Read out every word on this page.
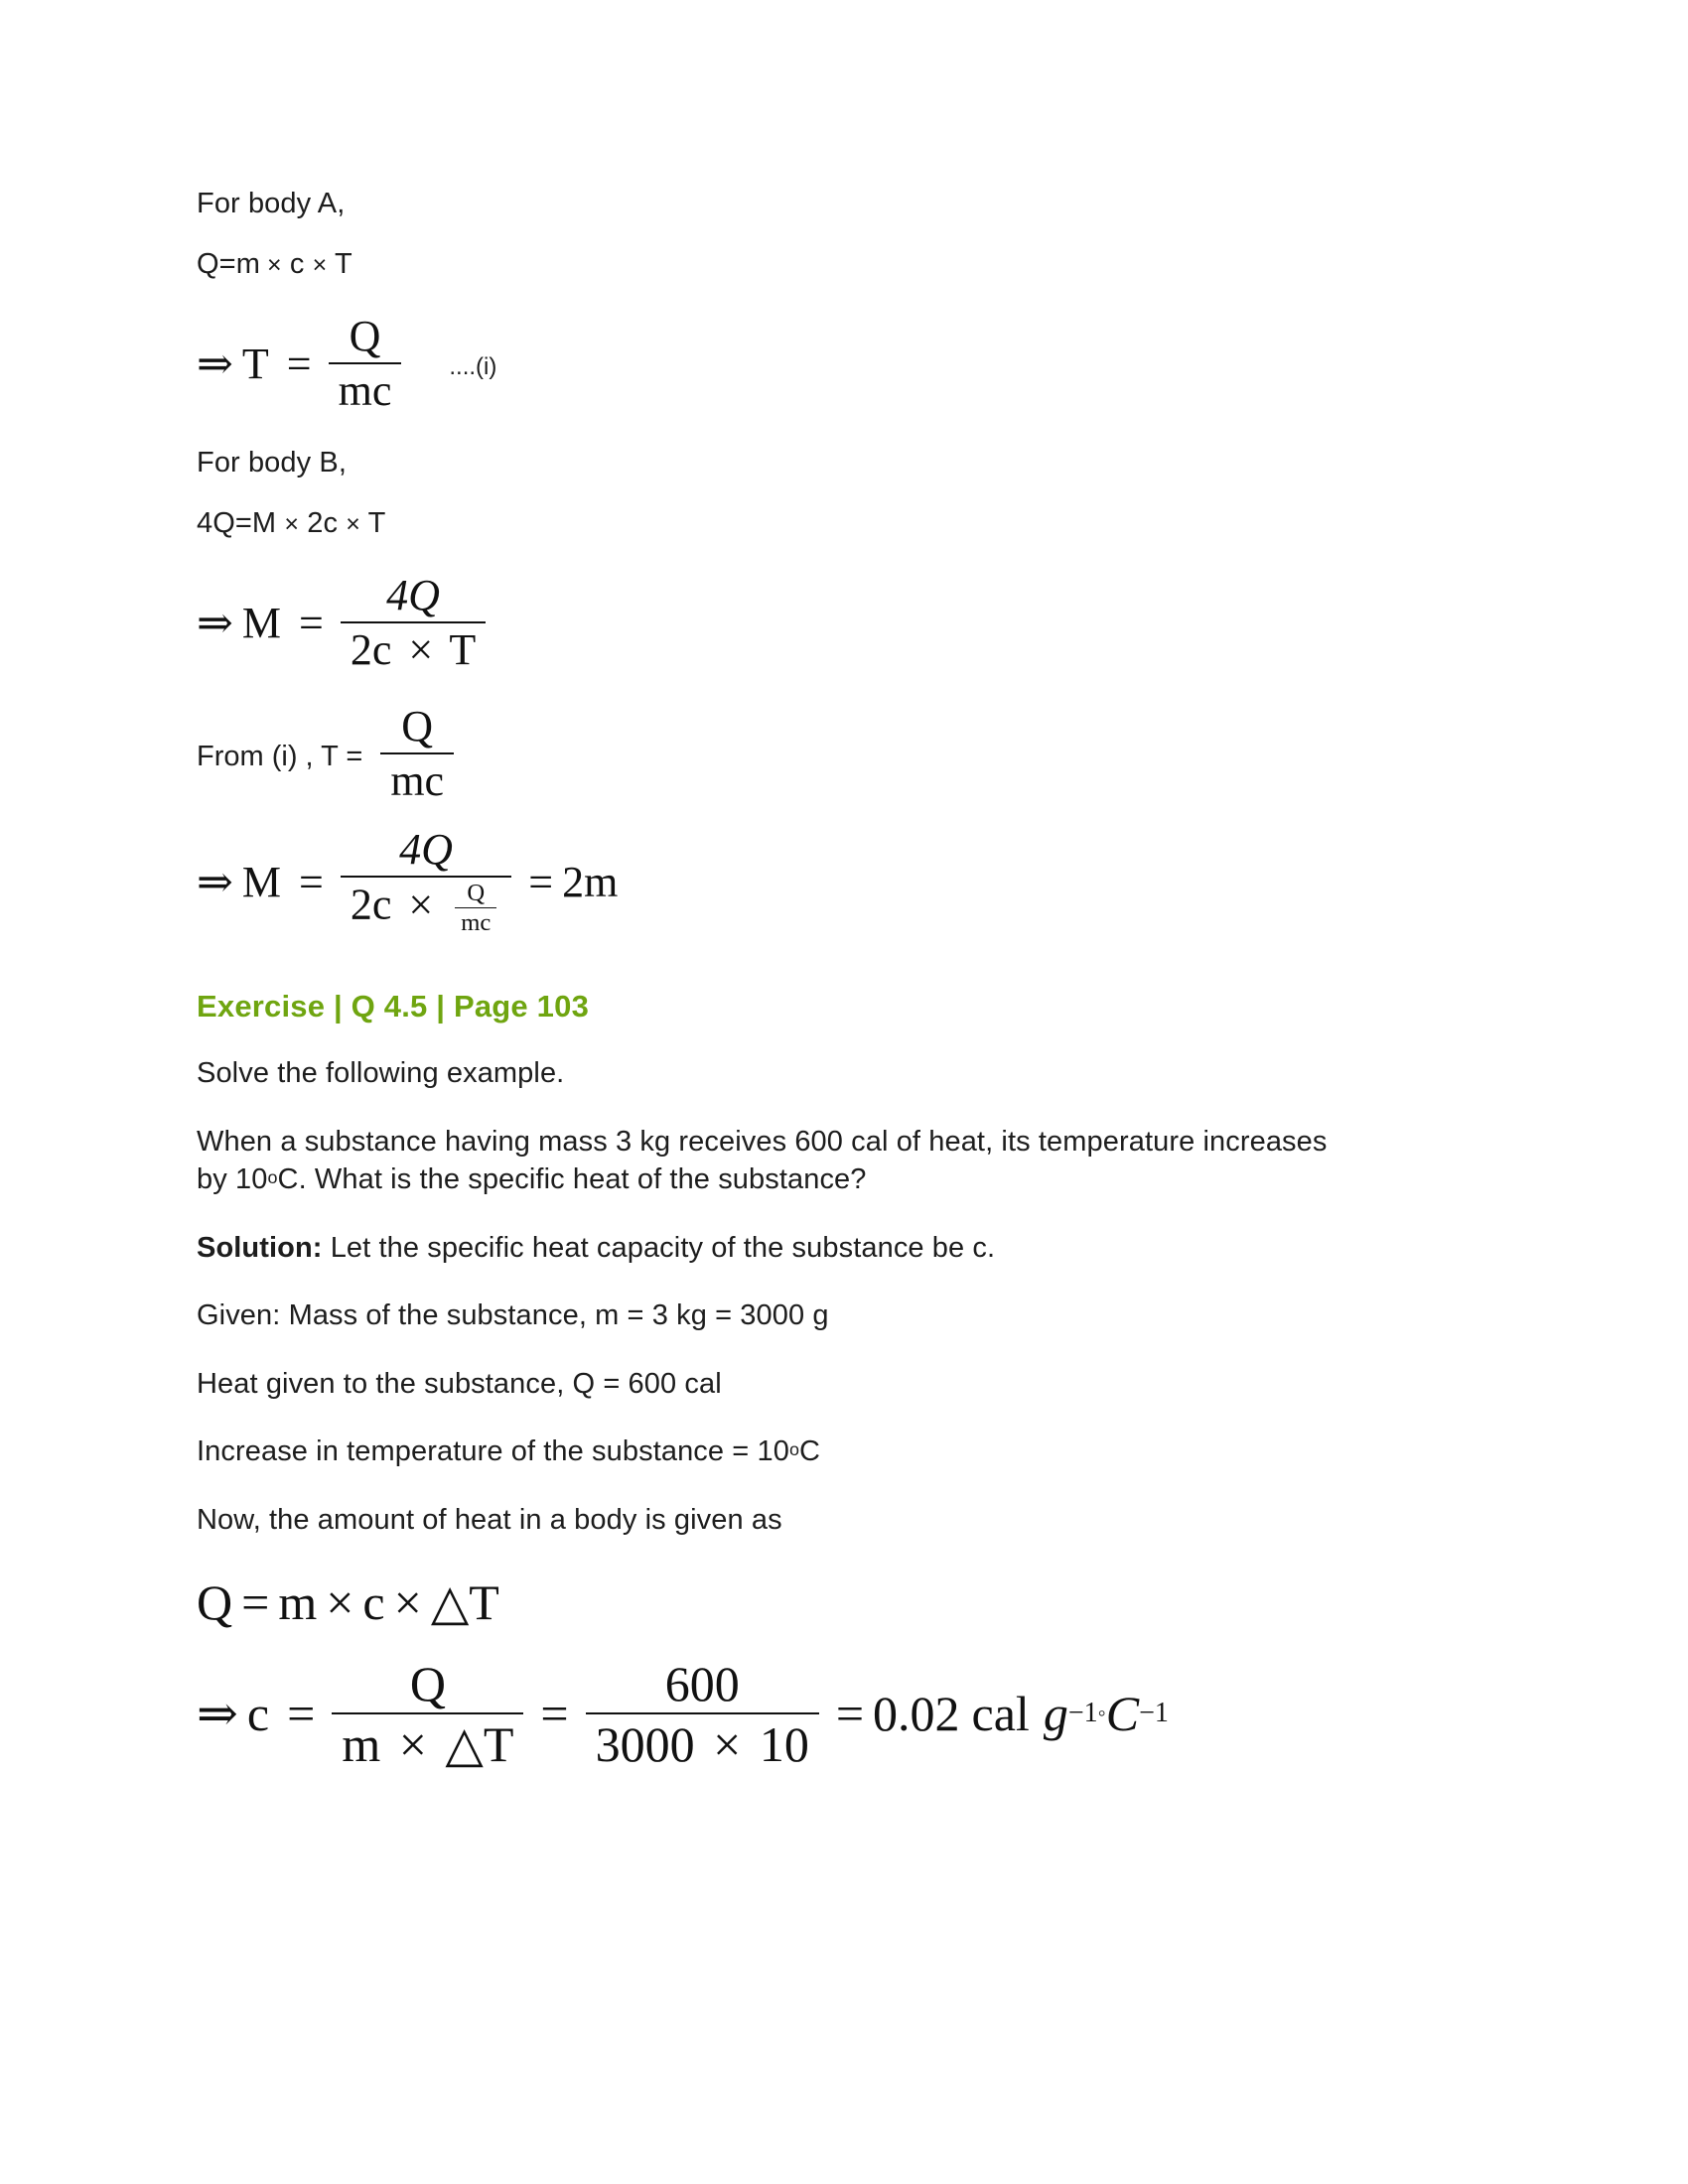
For body A,
Q=m × c × T
⇒ $T = \frac{Q}{mc} ....(i)$
For body B,
4Q=M × 2c × T
⇒ $M = \frac{4Q}{2c \times T}$
From (i) , $T = \frac{Q}{mc}$
⇒ $M = \frac{4Q}{2c \times \frac{Q}{mc}} = 2m$
Exercise | Q 4.5 | Page 103
Solve the following example.
When a substance having mass 3 kg receives 600 cal of heat, its temperature increases
by 10oC. What is the specific heat of the substance?
Solution: Let the specific heat capacity of the substance be c.
Given: Mass of the substance, m = 3 kg = 3000 g
Heat given to the substance, Q = 600 cal
Increase in temperature of the substance = 10oC
Now, the amount of heat in a body is given as
Q = m × c × △T
⇒ $c = \frac{Q}{m \times \triangle T} = \frac{600}{3000 \times 10} = 0.02$ cal g −1 ◦ C −1
